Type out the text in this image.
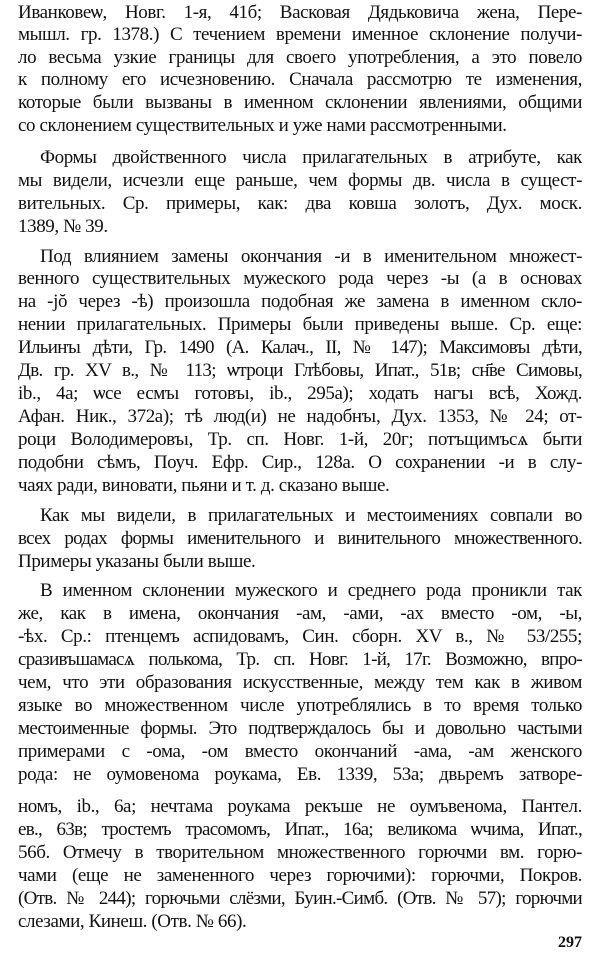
Иванковеѡ, Новг. 1-я, 41б; Васковая Дядьковича жена, Пере-
мышл. гр. 1378.) С течением времени именное склонение получи-
ло весьма узкие границы для своего употребления, а это повело
к полному его исчезновению. Сначала рассмотрю те изменения,
которые были вызваны в именном склонении явлениями, общими
со склонением существительных и уже нами рассмотренными.
Формы двойственного числа прилагательных в атрибуте, как
мы видели, исчезли еще раньше, чем формы дв. числа в сущест-
вительных. Ср. примеры, как: два ковша золотъ, Дух. моск.
1389, № 39.
Под влиянием замены окончания -и в именительном множест-
венного существительных мужеского рода через -ы (а в основах
на -jŏ через -ѣ) произошла подобная же замена в именном скло-
нении прилагательных. Примеры были приведены выше. Ср. еще:
Ильинъı дѣти, Гр. 1490 (А. Калач., II, № 147); Максимовъı дѣти,
Дв. гр. XV в., № 113; ѡтроци Глѣбовы, Ипат., 51в; сн҃ве Симовы,
ib., 4a; ѡсе есмъı готовъı, ib., 295a); ходать нагъı всѣ, Хожд.
Афан. Ник., 372a); тѣ люд(и) не надобнъı, Дух. 1353, № 24; от-
роци Володимеровъı, Тр. сп. Новг. 1-й, 20г; потъщимъсѧ быти
подобни сѣмъ, Поуч. Ефр. Сир., 128a. О сохранении -и в слу-
чаях ради, виновати, пьяни и т. д. сказано выше.
Как мы видели, в прилагательных и местоимениях совпали во
всех родах формы именительного и винительного множественного.
Примеры указаны были выше.
В именном склонении мужеского и среднего рода проникли так
же, как в имена, окончания -ам, -ами, -ах вместо -ом, -ы,
-ѣх. Ср.: птенцемъ аспидовамъ, Син. сборн. XV в., № 53/255;
сразивъшамасѧ полькома, Тр. сп. Новг. 1-й, 17г. Возможно, впро-
чем, что эти образования искусственные, между тем как в живом
языке во множественном числе употреблялись в то время только
местоименные формы. Это подтверждалось бы и довольно частыми
примерами с -ома, -ом вместо окончаний -ама, -ам женского
рода: не оумовеномa роукама, Ев. 1339, 53a; двьремъ затворе-
номъ, ib., 6a; нечтама роукама рекъше не оумъвенома, Пантел.
ев., 63в; тростемъ трасомомъ, Ипат., 16a; великома ѡчима, Ипат.,
56б. Отмечу в творительном множественного горючми вм. горю-
чами (еще не замененного через горючими): горючми, Покров.
(Отв. № 244); горючьми слёзми, Буин.-Симб. (Отв. № 57); горючми
слезами, Кинеш. (Отв. № 66).
297
